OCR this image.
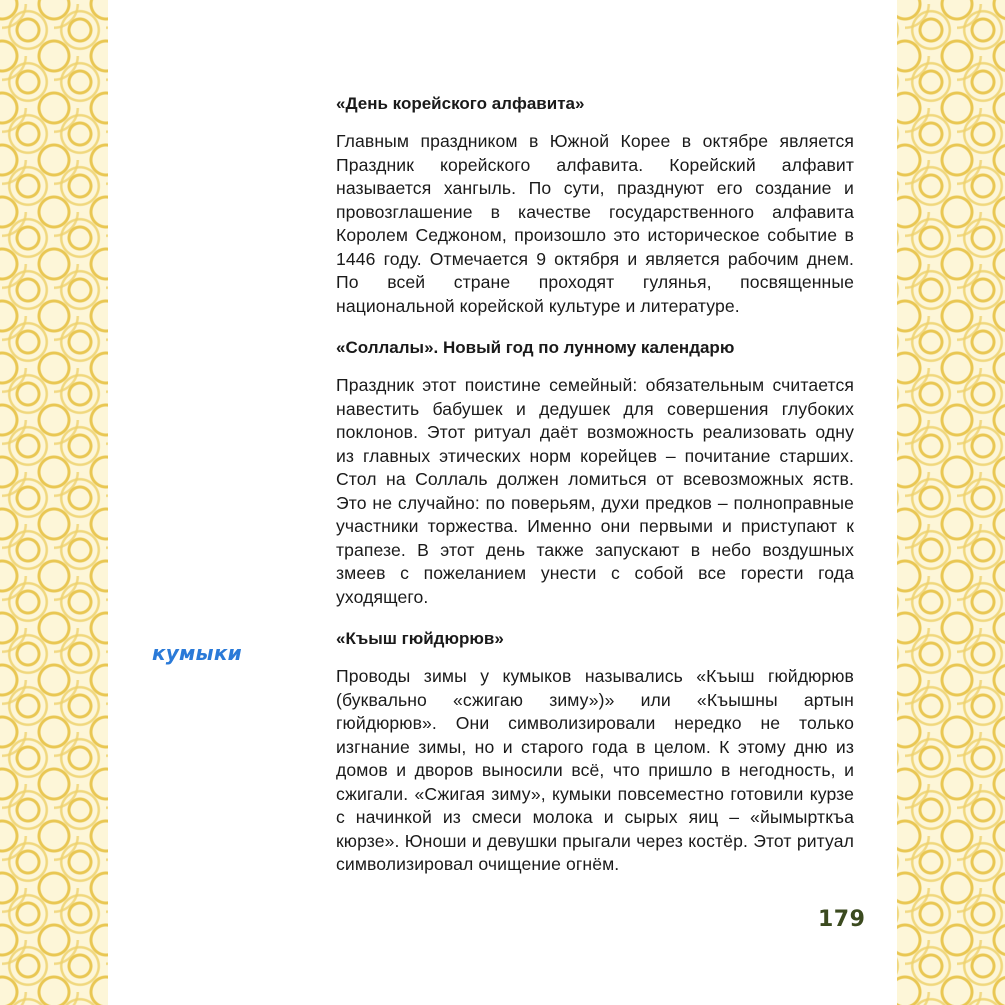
«День корейского алфавита»
Главным праздником в Южной Корее в октябре является Праздник корейского алфавита. Корейский алфавит называется хангыль. По сути, празднуют его создание и провозглашение в качестве государственного алфавита Королем Седжоном, произошло это историческое событие в 1446 году. Отмечается 9 октября и является рабочим днем. По всей стране проходят гулянья, посвященные национальной корейской культуре и литературе.
«Соллалы». Новый год по лунному календарю
Праздник этот поистине семейный: обязательным считается навестить бабушек и дедушек для совершения глубоких поклонов. Этот ритуал даёт возможность реализовать одну из главных этических норм корейцев – почитание старших. Стол на Соллаль должен ломиться от всевозможных яств. Это не случайно: по поверьям, духи предков – полноправные участники торжества. Именно они первыми и приступают к трапезе. В этот день также запускают в небо воздушных змеев с пожеланием унести с собой все горести года уходящего.
«Къыш гюйдюрюв»
Проводы зимы у кумыков назывались «Къыш гюйдюрюв (буквально «сжигаю зиму»)» или «Къышны артын гюйдюрюв». Они символизировали нередко не только изгнание зимы, но и старого года в целом. К этому дню из домов и дворов выносили всё, что пришло в негодность, и сжигали. «Сжигая зиму», кумыки повсеместно готовили курзе с начинкой из смеси молока и сырых яиц – «йымырткъа кюрзе». Юноши и девушки прыгали через костёр. Этот ритуал символизировал очищение огнём.
кумыки
179
